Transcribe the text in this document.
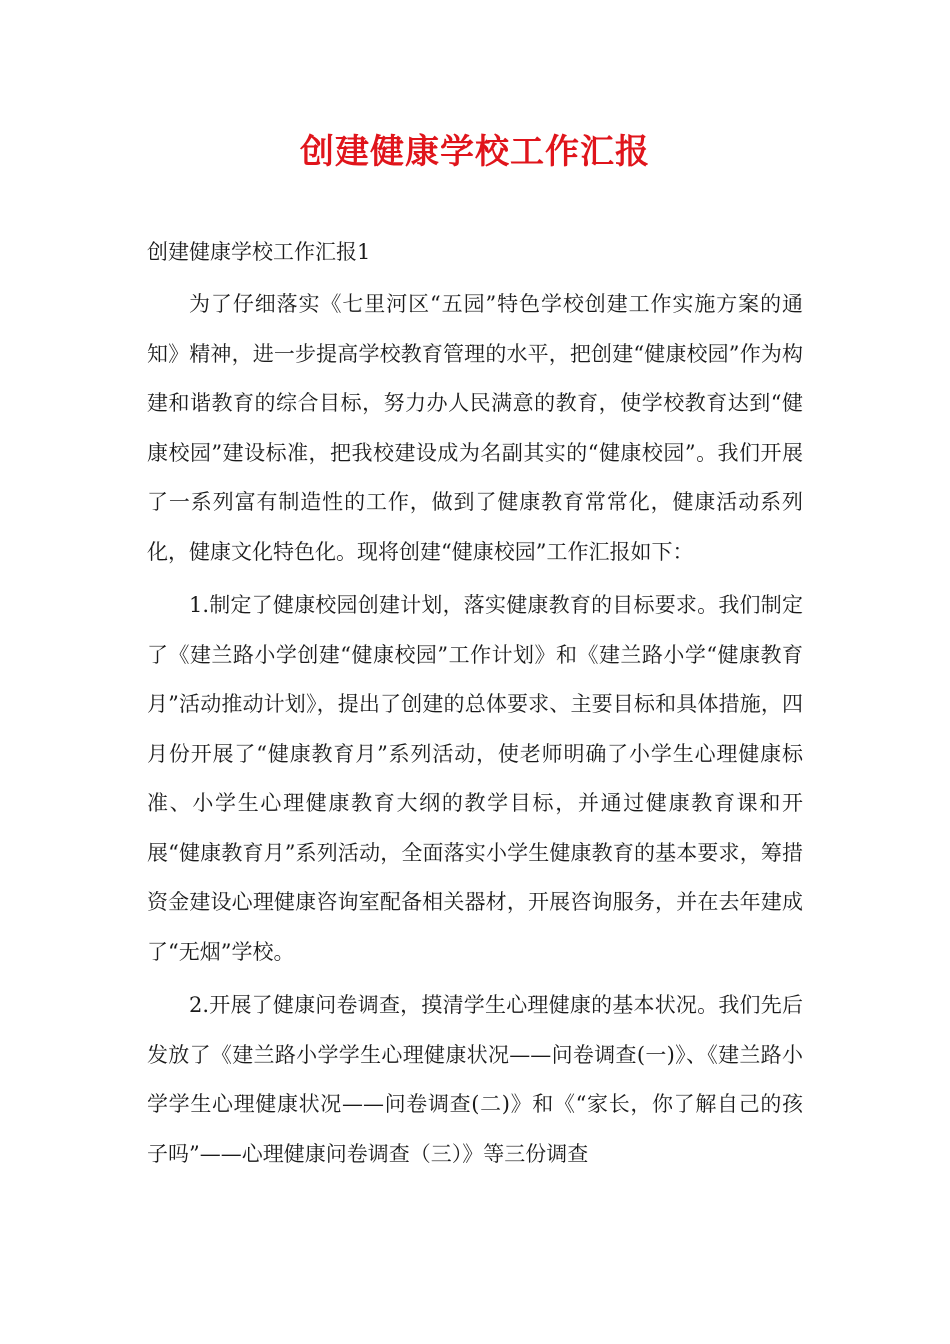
创建健康学校工作汇报
创建健康学校工作汇报1

为了仔细落实《七里河区“五园”特色学校创建工作实施方案的通知》精神，进一步提高学校教育管理的水平，把创建“健康校园”作为构建和谐教育的综合目标，努力办人民满意的教育，使学校教育达到“健康校园”建设标准，把我校建设成为名副其实的“健康校园”。我们开展了一系列富有制造性的工作，做到了健康教育常常化，健康活动系列化，健康文化特色化。现将创建“健康校园”工作汇报如下：

1.制定了健康校园创建计划，落实健康教育的目标要求。我们制定了《建兰路小学创建“健康校园”工作计划》和《建兰路小学“健康教育月”活动推动计划》，提出了创建的总体要求、主要目标和具体措施，四月份开展了“健康教育月”系列活动，使老师明确了小学生心理健康标准、小学生心理健康教育大纲的教学目标，并通过健康教育课和开展“健康教育月”系列活动，全面落实小学生健康教育的基本要求，筹措资金建设心理健康咨询室配备相关器材，开展咨询服务，并在去年建成了“无烟”学校。

2.开展了健康问卷调查，摸清学生心理健康的基本状况。我们先后发放了《建兰路小学学生心理健康状况——问卷调查(一)》、《建兰路小学学生心理健康状况——问卷调查(二)》和《“家长，你了解自己的孩子吗”——心理健康问卷调查（三）》等三份调查
